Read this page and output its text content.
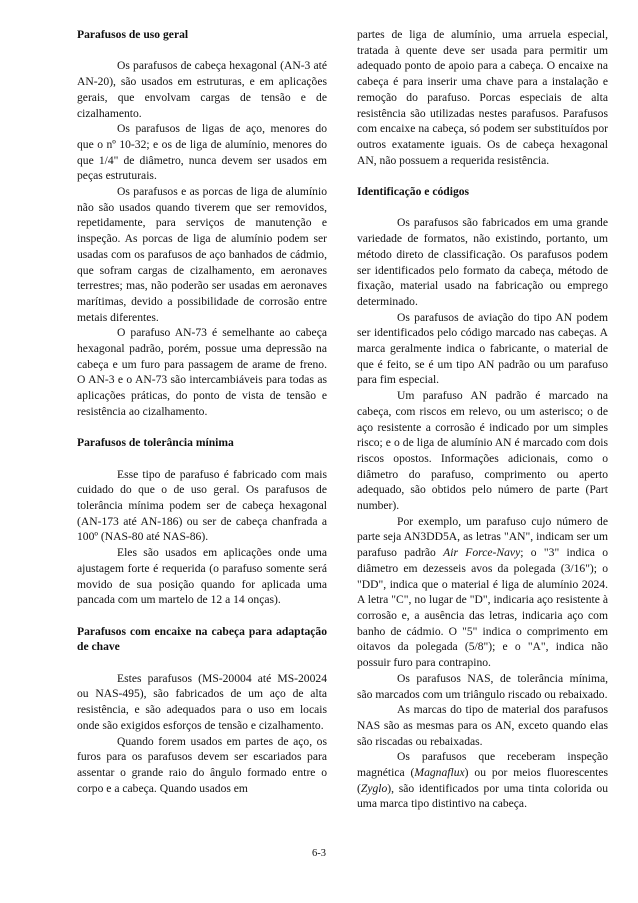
Parafusos de uso geral

Os parafusos de cabeça hexagonal (AN-3 até AN-20), são usados em estruturas, e em aplicações gerais, que envolvam cargas de tensão e de cizalhamento.

Os parafusos de ligas de aço, menores do que o nº 10-32; e os de liga de alumínio, menores do que 1/4" de diâmetro, nunca devem ser usados em peças estruturais.

Os parafusos e as porcas de liga de alumínio não são usados quando tiverem que ser removidos, repetidamente, para serviços de manutenção e inspeção. As porcas de liga de alumínio podem ser usadas com os parafusos de aço banhados de cádmio, que sofram cargas de cizalhamento, em aeronaves terrestres; mas, não poderão ser usadas em aeronaves marítimas, devido a possibilidade de corrosão entre metais diferentes.

O parafuso AN-73 é semelhante ao cabeça hexagonal padrão, porém, possue uma depressão na cabeça e um furo para passagem de arame de freno. O AN-3 e o AN-73 são intercambiáveis para todas as aplicações práticas, do ponto de vista de tensão e resistência ao cizalhamento.

Parafusos de tolerância mínima

Esse tipo de parafuso é fabricado com mais cuidado do que o de uso geral. Os parafusos de tolerância mínima podem ser de cabeça hexagonal (AN-173 até AN-186) ou ser de cabeça chanfrada a 100º (NAS-80 até NAS-86).

Eles são usados em aplicações onde uma ajustagem forte é requerida (o parafuso somente será movido de sua posição quando for aplicada uma pancada com um martelo de 12 a 14 onças).

Parafusos com encaixe na cabeça para adaptação de chave

Estes parafusos (MS-20004 até MS-20024 ou NAS-495), são fabricados de um aço de alta resistência, e são adequados para o uso em locais onde são exigidos esforços de tensão e cizalhamento.

Quando forem usados em partes de aço, os furos para os parafusos devem ser escariados para assentar o grande raio do ângulo formado entre o corpo e a cabeça. Quando usados em

partes de liga de alumínio, uma arruela especial, tratada à quente deve ser usada para permitir um adequado ponto de apoio para a cabeça. O encaixe na cabeça é para inserir uma chave para a instalação e remoção do parafuso. Porcas especiais de alta resistência são utilizadas nestes parafusos. Parafusos com encaixe na cabeça, só podem ser substituídos por outros exatamente iguais. Os de cabeça hexagonal AN, não possuem a requerida resistência.

Identificação e códigos

Os parafusos são fabricados em uma grande variedade de formatos, não existindo, portanto, um método direto de classificação. Os parafusos podem ser identificados pelo formato da cabeça, método de fixação, material usado na fabricação ou emprego determinado.

Os parafusos de aviação do tipo AN podem ser identificados pelo código marcado nas cabeças. A marca geralmente indica o fabricante, o material de que é feito, se é um tipo AN padrão ou um parafuso para fim especial.

Um parafuso AN padrão é marcado na cabeça, com riscos em relevo, ou um asterisco; o de aço resistente a corrosão é indicado por um simples risco; e o de liga de alumínio AN é marcado com dois riscos opostos. Informações adicionais, como o diâmetro do parafuso, comprimento ou aperto adequado, são obtidos pelo número de parte (Part number).

Por exemplo, um parafuso cujo número de parte seja AN3DD5A, as letras "AN", indicam ser um parafuso padrão Air Force-Navy; o "3" indica o diâmetro em dezesseis avos da polegada (3/16"); o "DD", indica que o material é liga de alumínio 2024. A letra "C", no lugar de "D", indicaria aço resistente à corrosão e, a ausência das letras, indicaria aço com banho de cádmio. O "5" indica o comprimento em oitavos da polegada (5/8"); e o "A", indica não possuir furo para contrapino.

Os parafusos NAS, de tolerância mínima, são marcados com um triângulo riscado ou rebaixado.

As marcas do tipo de material dos parafusos NAS são as mesmas para os AN, exceto quando elas são riscadas ou rebaixadas.

Os parafusos que receberam inspeção magnética (Magnaflux) ou por meios fluorescentes (Zyglo), são identificados por uma tinta colorida ou uma marca tipo distintivo na cabeça.

6-3
